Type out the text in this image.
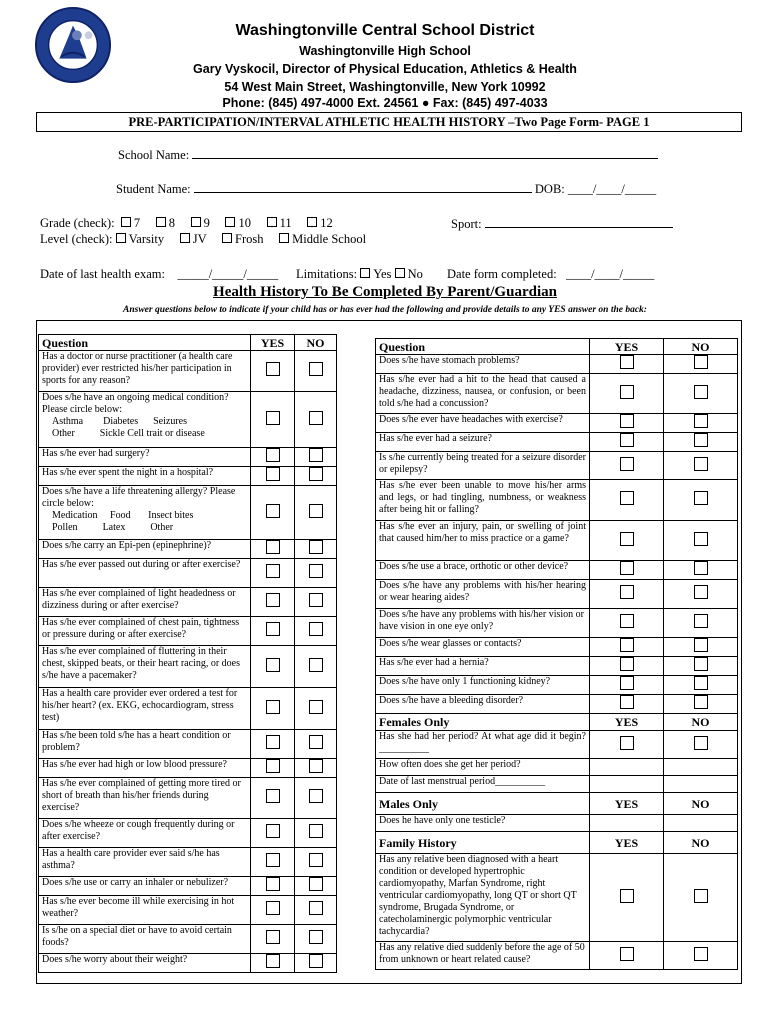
Washingtonville Central School District
Washingtonville High School
Gary Vyskocil, Director of Physical Education, Athletics & Health
54 West Main Street, Washingtonville, New York 10992
Phone: (845) 497-4000 Ext. 24561 ● Fax: (845) 497-4033
PRE-PARTICIPATION/INTERVAL ATHLETIC HEALTH HISTORY –Two Page Form- PAGE 1
School Name:
Student Name:	DOB: ____/____/_____
Grade (check): 7 8 9 10 11 12	Sport:
Level (check): Varsity JV Frosh Middle School
Date of last health exam: _____/_____/_____ Limitations: Yes No Date form completed: ____/____/_____
Health History To Be Completed By Parent/Guardian
Answer questions below to indicate if your child has or has ever had the following and provide details to any YES answer on the back:
Question	YES	NO
Has a doctor or nurse practitioner (a health care provider) ever restricted his/her participation in sports for any reason?		
Does s/he have an ongoing medical condition? Please circle below:
Asthma Diabetes Seizures
Other Sickle Cell trait or disease		

Has s/he ever had surgery?		
Has s/he ever spent the night in a hospital?		
Does s/he have a life threatening allergy? Please circle below:
Medication Food Insect bites
Pollen Latex Other		

Does s/he carry an Epi-pen (epinephrine)?		
Has s/he ever passed out during or after exercise?		
Has s/he ever complained of light headedness or dizziness during or after exercise?		
Has s/he ever complained of chest pain, tightness or pressure during or after exercise?		
Has s/he ever complained of fluttering in their chest, skipped beats, or their heart racing, or does s/he have a pacemaker?		
Has a health care provider ever ordered a test for his/her heart? (ex. EKG, echocardiogram, stress test)		
Has s/he been told s/he has a heart condition or problem?		
Has s/he ever had high or low blood pressure?		
Has s/he ever complained of getting more tired or short of breath than his/her friends during exercise?		
Does s/he wheeze or cough frequently during or after exercise?		
Has a health care provider ever said s/he has asthma?		
Does s/he use or carry an inhaler or nebulizer?		
Has s/he ever become ill while exercising in hot weather?		
Is s/he on a special diet or have to avoid certain foods?		
Does s/he worry about their weight?		
Question	YES	NO
Does s/he have stomach problems?		
Has s/he ever had a hit to the head that caused a headache, dizziness, nausea, or confusion, or been told s/he had a concussion?		
Does s/he ever have headaches with exercise?		
Has s/he ever had a seizure?		
Is s/he currently being treated for a seizure disorder or epilepsy?		
Has s/he ever been unable to move his/her arms and legs, or had tingling, numbness, or weakness after being hit or falling?		
Has s/he ever an injury, pain, or swelling of joint that caused him/her to miss practice or a game?		
Does s/he use a brace, orthotic or other device?		
Does s/he have any problems with his/her hearing or wear hearing aides?		
Does s/he have any problems with his/her vision or have vision in one eye only?		
Does s/he wear glasses or contacts?		
Has s/he ever had a hernia?		
Does s/he have only 1 functioning kidney?		
Does s/he have a bleeding disorder?		
Females Only	YES	NO
Has she had her period? At what age did it begin? __________		
How often does she get her period?		
Date of last menstrual period__________		
Males Only	YES	NO
Does he have only one testicle?		
Family History	YES	NO
Has any relative been diagnosed with a heart condition or developed hypertrophic cardiomyopathy, Marfan Syndrome, right ventricular cardiomyopathy, long QT or short QT syndrome, Brugada Syndrome, or catecholaminergic polymorphic ventricular tachycardia?		
Has any relative died suddenly before the age of 50 from unknown or heart related cause?		
